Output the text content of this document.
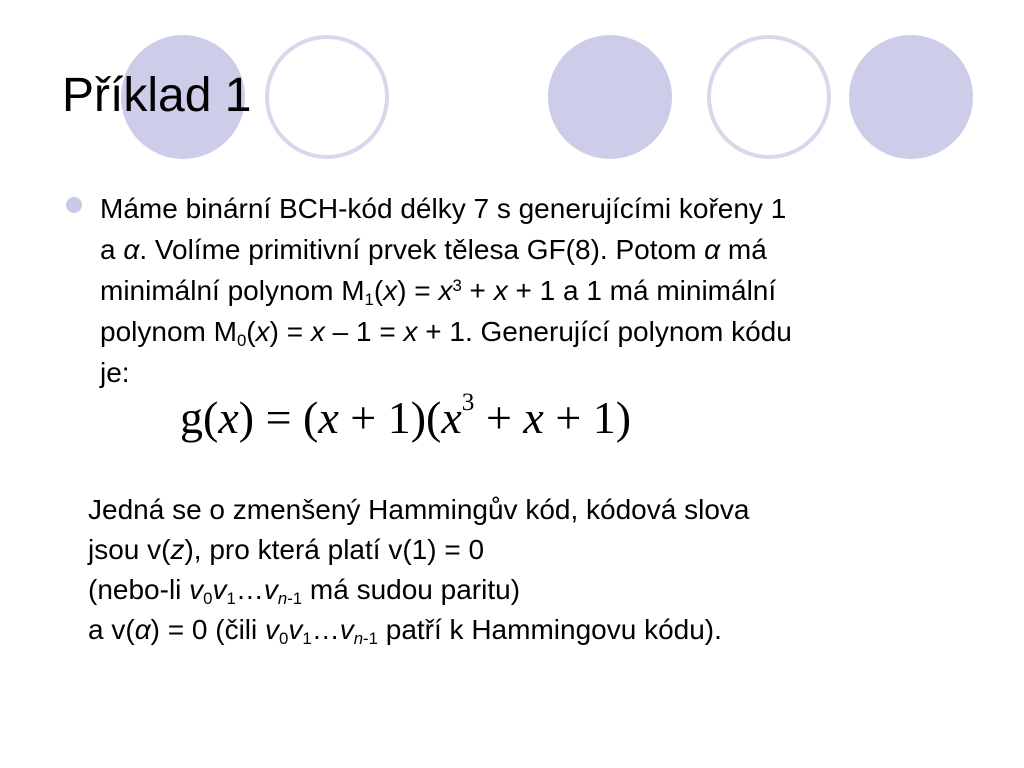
Příklad 1

Máme binární BCH-kód délky 7 s generujícími kořeny 1
a α. Volíme primitivní prvek tělesa GF(8). Potom α má
minimální polynom $M_1(x) = x^3 + x + 1$ a 1 má minimální
polynom $M_0(x) = x - 1 = x + 1$. Generující polynom kódu
je:

$g(x) = (x + 1)(x^3 + x + 1)$

Jedná se o zmenšený Hammingův kód, kódová slova
jsou v(z), pro která platí v(1) = 0
(nebo-li $v_0v_1\dots v_{n-1}$ má sudou paritu)
a v(α) = 0 (čili $v_0v_1\dots v_{n-1}$ patří k Hammingovu kódu).
